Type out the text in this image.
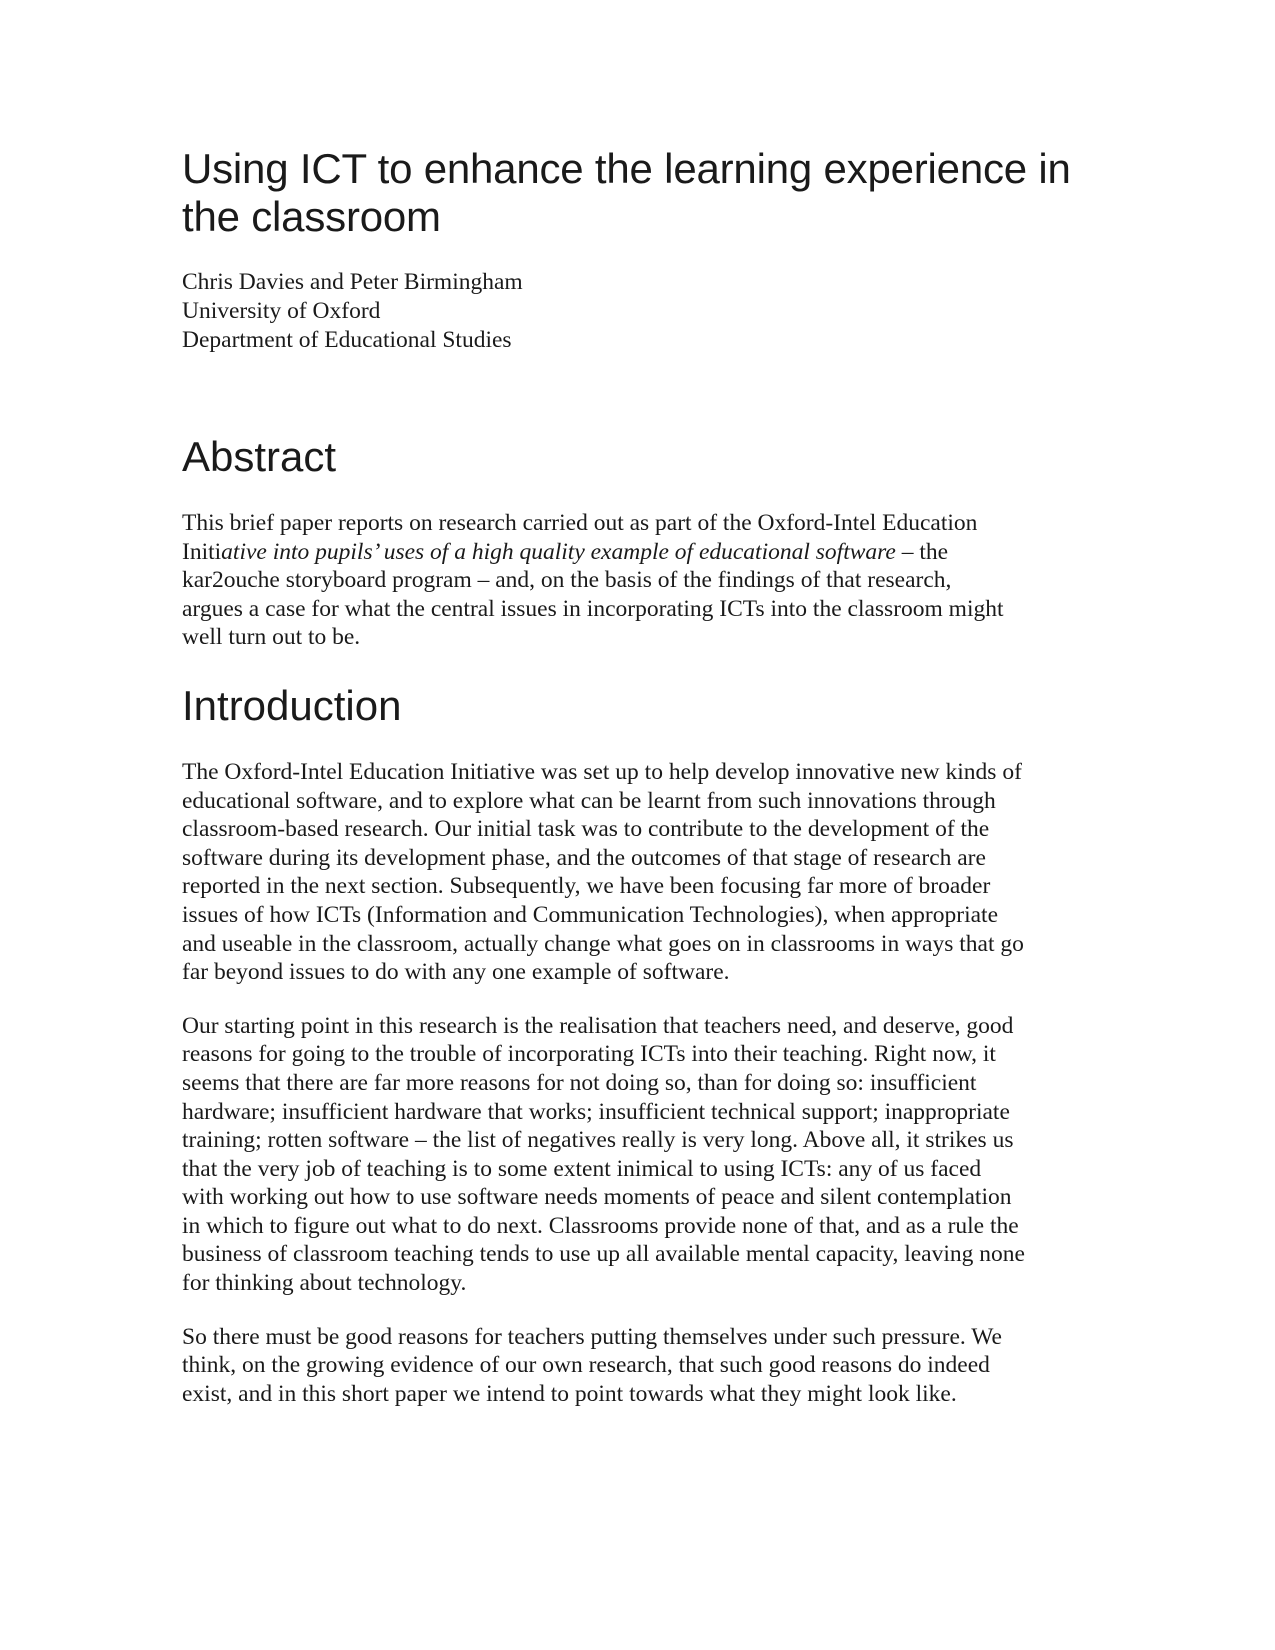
Using ICT to enhance the learning experience in
the classroom
Chris Davies and Peter Birmingham
University of Oxford
Department of Educational Studies
Abstract

This brief paper reports on research carried out as part of the Oxford-Intel Education
Initiative into pupils’ uses of a high quality example of educational software – the
kar2ouche storyboard program – and, on the basis of the findings of that research,
argues a case for what the central issues in incorporating ICTs into the classroom might
well turn out to be.

Introduction

The Oxford-Intel Education Initiative was set up to help develop innovative new kinds of
educational software, and to explore what can be learnt from such innovations through
classroom-based research. Our initial task was to contribute to the development of the
software during its development phase, and the outcomes of that stage of research are
reported in the next section. Subsequently, we have been focusing far more of broader
issues of how ICTs (Information and Communication Technologies), when appropriate
and useable in the classroom, actually change what goes on in classrooms in ways that go
far beyond issues to do with any one example of software.

Our starting point in this research is the realisation that teachers need, and deserve, good
reasons for going to the trouble of incorporating ICTs into their teaching. Right now, it
seems that there are far more reasons for not doing so, than for doing so: insufficient
hardware; insufficient hardware that works; insufficient technical support; inappropriate
training; rotten software – the list of negatives really is very long. Above all, it strikes us
that the very job of teaching is to some extent inimical to using ICTs: any of us faced
with working out how to use software needs moments of peace and silent contemplation
in which to figure out what to do next. Classrooms provide none of that, and as a rule the
business of classroom teaching tends to use up all available mental capacity, leaving none
for thinking about technology.

So there must be good reasons for teachers putting themselves under such pressure. We
think, on the growing evidence of our own research, that such good reasons do indeed
exist, and in this short paper we intend to point towards what they might look like.
